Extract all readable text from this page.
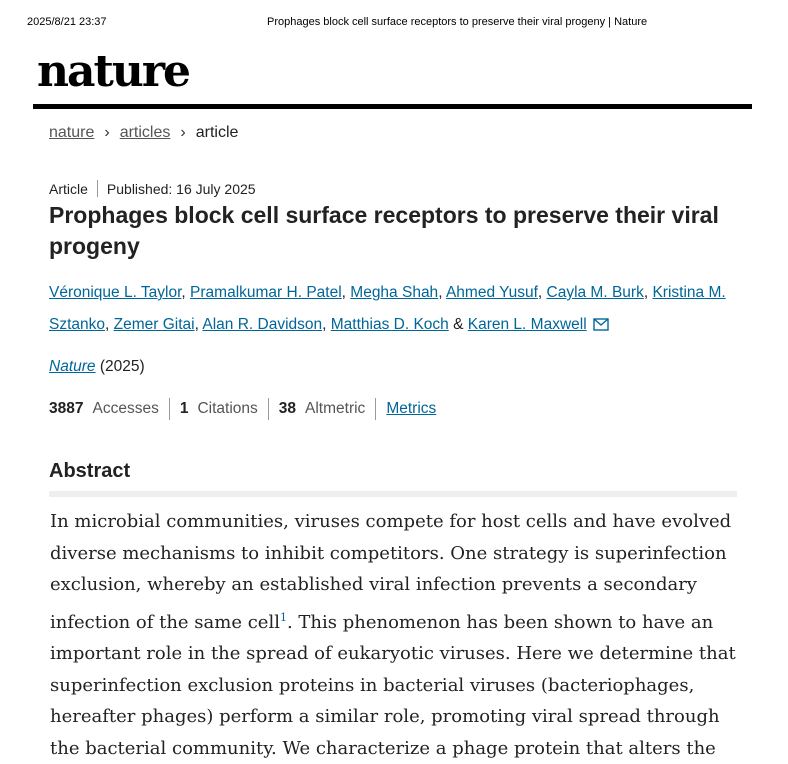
2025/8/21 23:37	Prophages block cell surface receptors to preserve their viral progeny | Nature
nature
nature › articles › article
Article Published: 16 July 2025
Prophages block cell surface receptors to preserve their viral progeny
Véronique L. Taylor, Pramalkumar H. Patel, Megha Shah, Ahmed Yusuf, Cayla M. Burk, Kristina M. Sztanko, Zemer Gitai, Alan R. Davidson, Matthias D. Koch & Karen L. Maxwell
Nature (2025)
3887 Accesses 1 Citations 38 Altmetric Metrics
Abstract

In microbial communities, viruses compete for host cells and have evolved diverse mechanisms to inhibit competitors. One strategy is superinfection exclusion, whereby an established viral infection prevents a secondary infection of the same cell$^1$. This phenomenon has been shown to have an important role in the spread of eukaryotic viruses. Here we determine that superinfection exclusion proteins in bacterial viruses (bacteriophages, hereafter phages) perform a similar role, promoting viral spread through the bacterial community. We characterize a phage protein that alters the
